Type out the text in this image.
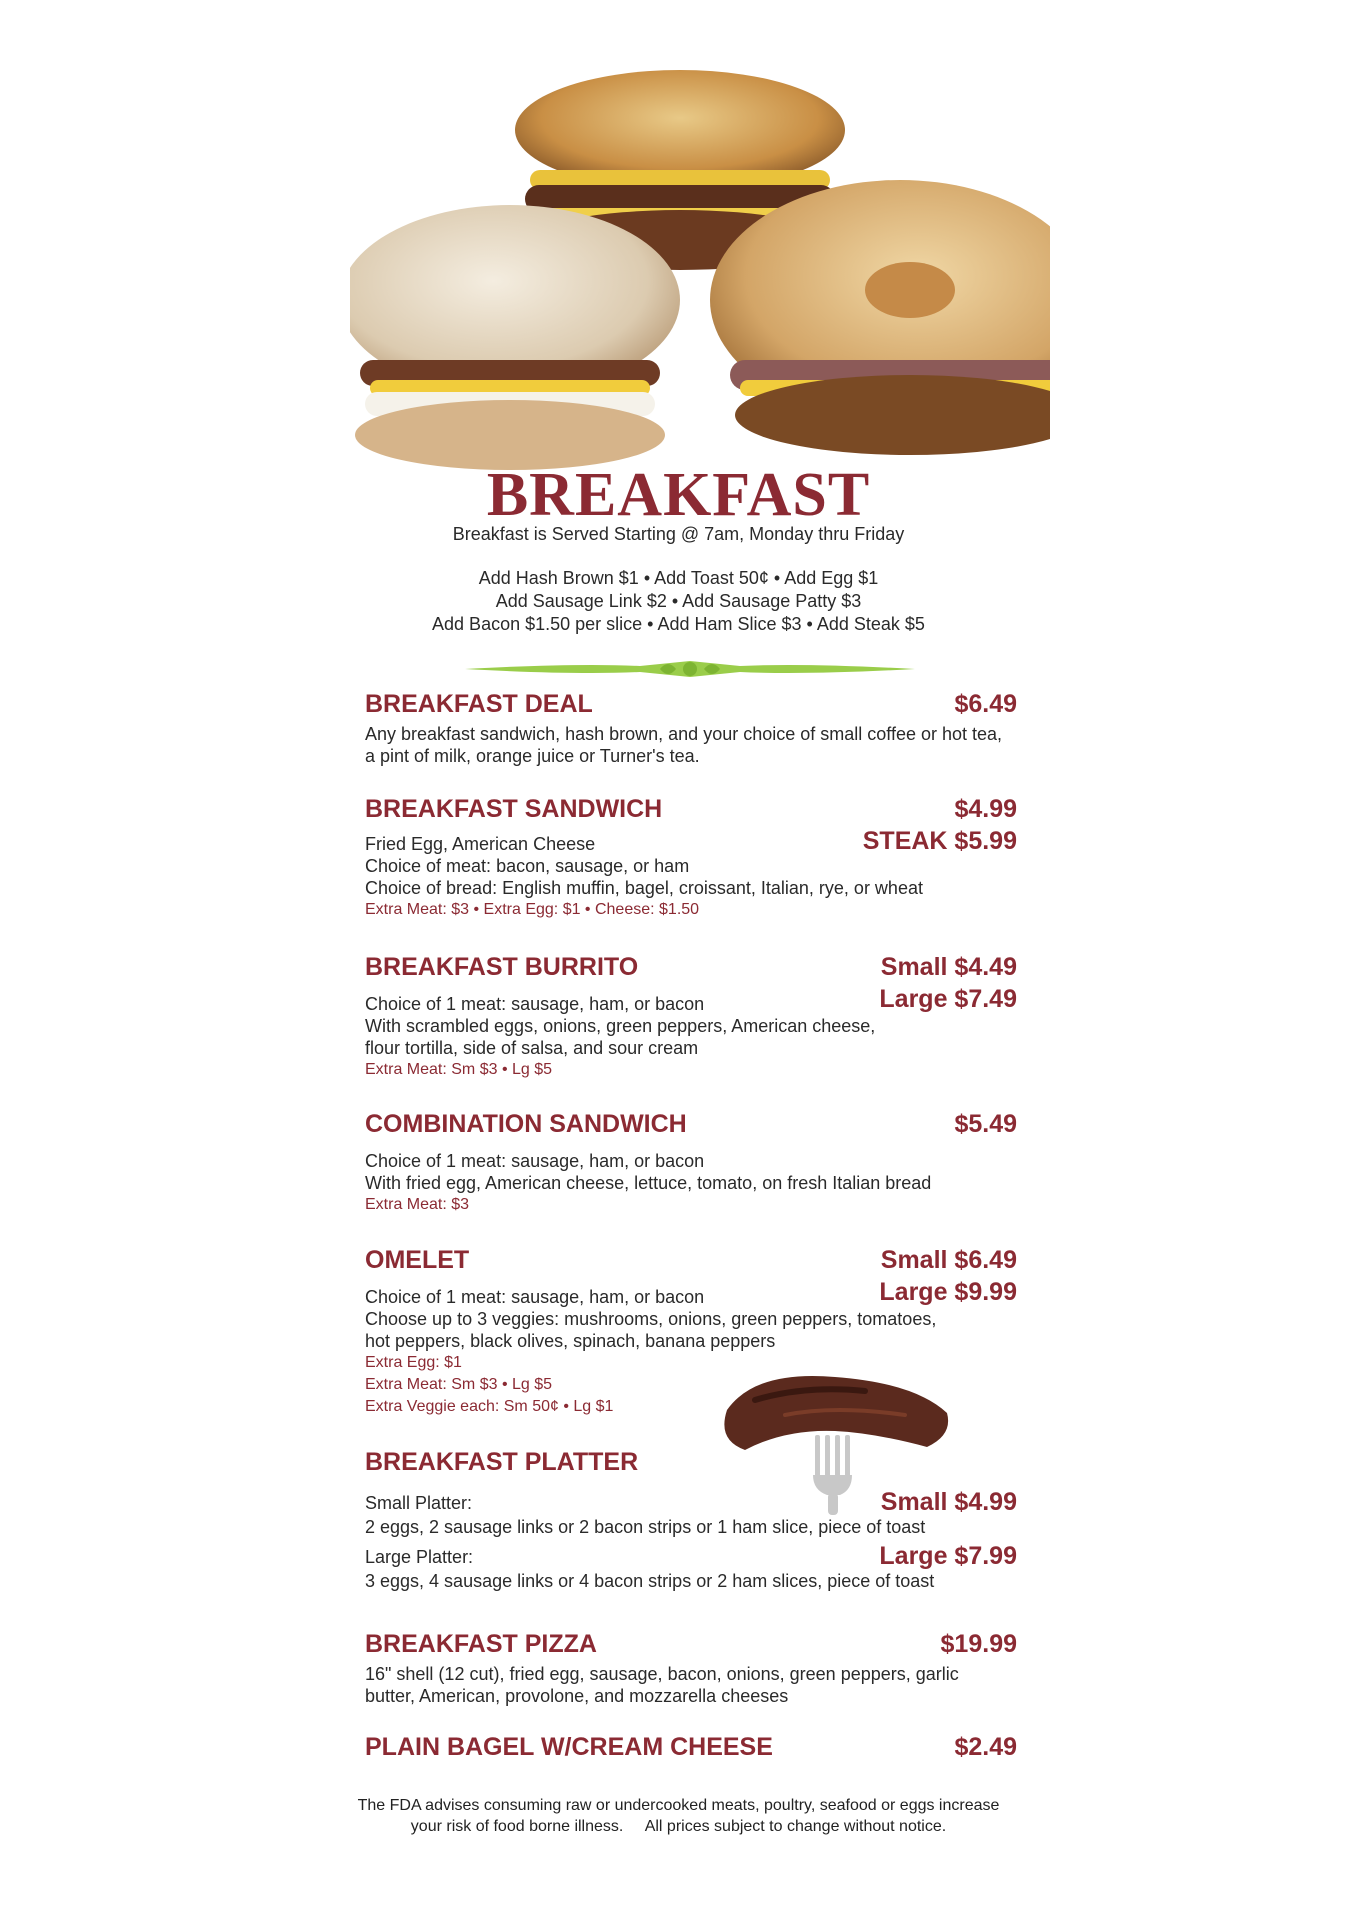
BREAKFAST
Breakfast is Served Starting @ 7am, Monday thru Friday
Add Hash Brown $1 • Add Toast 50¢ • Add Egg $1
Add Sausage Link $2 • Add Sausage Patty $3
Add Bacon $1.50 per slice • Add Ham Slice $3 • Add Steak $5
BREAKFAST DEAL	$6.49
Any breakfast sandwich, hash brown, and your choice of small coffee or hot tea, a pint of milk, orange juice or Turner's tea.
BREAKFAST SANDWICH	$4.99
STEAK $5.99
Fried Egg, American Cheese
Choice of meat: bacon, sausage, or ham
Choice of bread: English muffin, bagel, croissant, Italian, rye, or wheat
Extra Meat: $3 • Extra Egg: $1 • Cheese: $1.50
BREAKFAST BURRITO	Small $4.49
Large $7.49
Choice of 1 meat: sausage, ham, or bacon
With scrambled eggs, onions, green peppers, American cheese,
flour tortilla, side of salsa, and sour cream
Extra Meat: Sm $3 • Lg $5
COMBINATION SANDWICH	$5.49
Choice of 1 meat: sausage, ham, or bacon
With fried egg, American cheese, lettuce, tomato, on fresh Italian bread
Extra Meat: $3
OMELET	Small $6.49
Large $9.99
Choice of 1 meat: sausage, ham, or bacon
Choose up to 3 veggies: mushrooms, onions, green peppers, tomatoes,
hot peppers, black olives, spinach, banana peppers
Extra Egg: $1
Extra Meat: Sm $3 • Lg $5
Extra Veggie each: Sm 50¢ • Lg $1
BREAKFAST PLATTER
Small Platter:	Small $4.99
2 eggs, 2 sausage links or 2 bacon strips or 1 ham slice, piece of toast
Large Platter:	Large $7.99
3 eggs, 4 sausage links or 4 bacon strips or 2 ham slices, piece of toast
BREAKFAST PIZZA	$19.99
16" shell (12 cut), fried egg, sausage, bacon, onions, green peppers, garlic
butter, American, provolone, and mozzarella cheeses
PLAIN BAGEL W/CREAM CHEESE	$2.49
The FDA advises consuming raw or undercooked meats, poultry, seafood or eggs increase
your risk of food borne illness.     All prices subject to change without notice.
